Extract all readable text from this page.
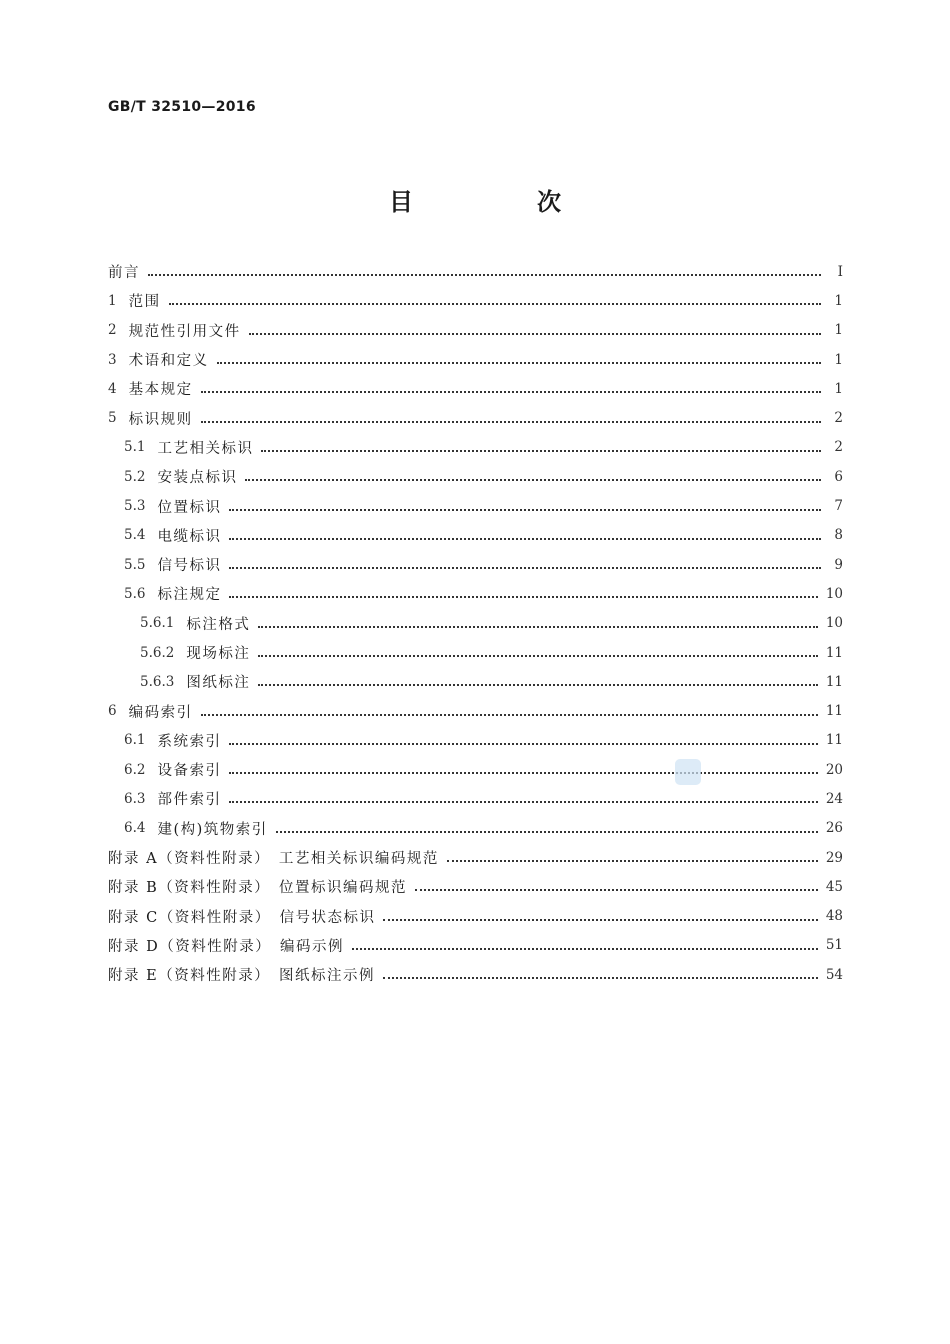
GB/T 32510—2016
目　次
前言	Ⅰ
1 范围	1
2 规范性引用文件	1
3 术语和定义	1
4 基本规定	1
5 标识规则	2
5.1 工艺相关标识	2
5.2 安装点标识	6
5.3 位置标识	7
5.4 电缆标识	8
5.5 信号标识	9
5.6 标注规定	10
5.6.1 标注格式	10
5.6.2 现场标注	11
5.6.3 图纸标注	11
6 编码索引	11
6.1 系统索引	11
6.2 设备索引	20
6.3 部件索引	24
6.4 建(构)筑物索引	26
附录 A（资料性附录）　工艺相关标识编码规范	29
附录 B（资料性附录）　位置标识编码规范	45
附录 C（资料性附录）　信号状态标识	48
附录 D（资料性附录）　编码示例	51
附录 E（资料性附录）　图纸标注示例	54
